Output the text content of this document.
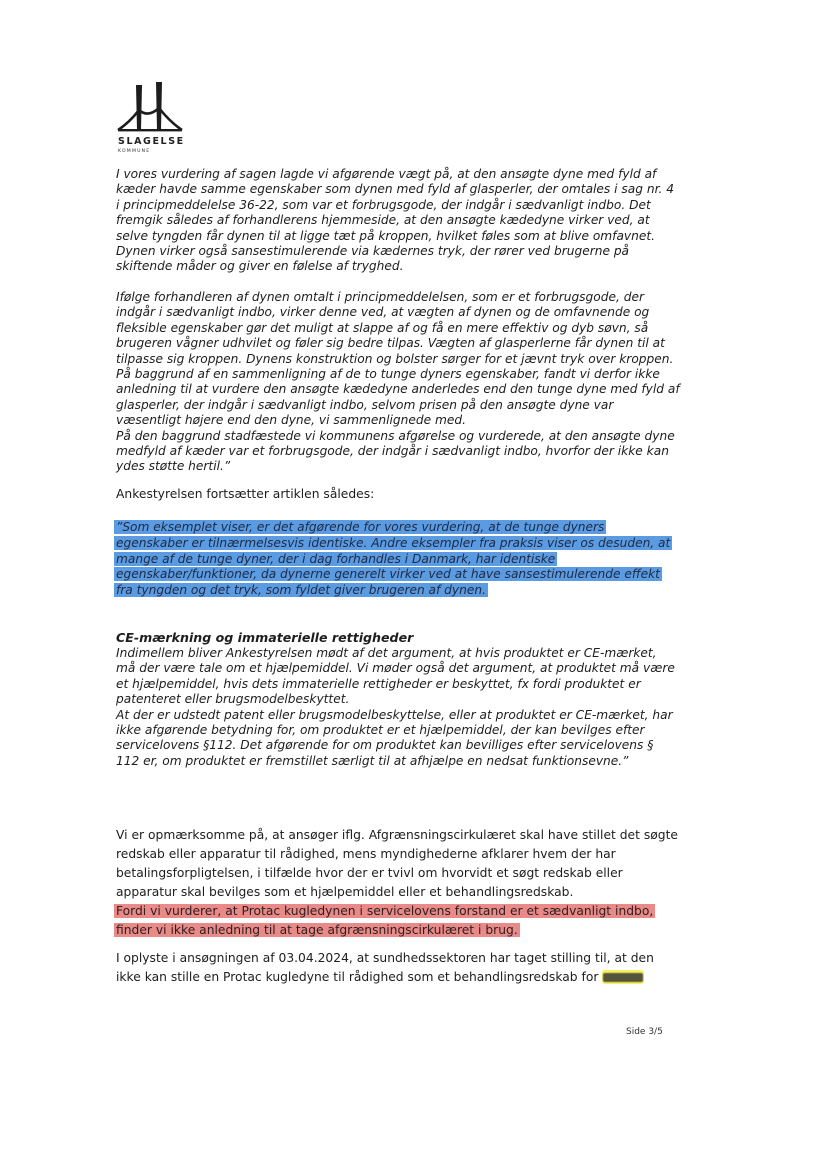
SLAGELSE
KOMMUNE
I vores vurdering af sagen lagde vi afgørende vægt på, at den ansøgte dyne med fyld af
kæder havde samme egenskaber som dynen med fyld af glasperler, der omtales i sag nr. 4
i principmeddelelse 36-22, som var et forbrugsgode, der indgår i sædvanligt indbo. Det
fremgik således af forhandlerens hjemmeside, at den ansøgte kædedyne virker ved, at
selve tyngden får dynen til at ligge tæt på kroppen, hvilket føles som at blive omfavnet.
Dynen virker også sansestimulerende via kædernes tryk, der rører ved brugerne på
skiftende måder og giver en følelse af tryghed.
Ifølge forhandleren af dynen omtalt i principmeddelelsen, som er et forbrugsgode, der
indgår i sædvanligt indbo, virker denne ved, at vægten af dynen og de omfavnende og
fleksible egenskaber gør det muligt at slappe af og få en mere effektiv og dyb søvn, så
brugeren vågner udhvilet og føler sig bedre tilpas. Vægten af glasperlerne får dynen til at
tilpasse sig kroppen. Dynens konstruktion og bolster sørger for et jævnt tryk over kroppen.
På baggrund af en sammenligning af de to tunge dyners egenskaber, fandt vi derfor ikke
anledning til at vurdere den ansøgte kædedyne anderledes end den tunge dyne med fyld af
glasperler, der indgår i sædvanligt indbo, selvom prisen på den ansøgte dyne var
væsentligt højere end den dyne, vi sammenlignede med.
På den baggrund stadfæstede vi kommunens afgørelse og vurderede, at den ansøgte dyne
medfyld af kæder var et forbrugsgode, der indgår i sædvanligt indbo, hvorfor der ikke kan
ydes støtte hertil.”
Ankestyrelsen fortsætter artiklen således:
”Som eksemplet viser, er det afgørende for vores vurdering, at de tunge dyners
egenskaber er tilnærmelsesvis identiske. Andre eksempler fra praksis viser os desuden, at
mange af de tunge dyner, der i dag forhandles i Danmark, har identiske
egenskaber/funktioner, da dynerne generelt virker ved at have sansestimulerende effekt
fra tyngden og det tryk, som fyldet giver brugeren af dynen.
CE-mærkning og immaterielle rettigheder
Indimellem bliver Ankestyrelsen mødt af det argument, at hvis produktet er CE-mærket,
må der være tale om et hjælpemiddel. Vi møder også det argument, at produktet må være
et hjælpemiddel, hvis dets immaterielle rettigheder er beskyttet, fx fordi produktet er
patenteret eller brugsmodelbeskyttet.
At der er udstedt patent eller brugsmodelbeskyttelse, eller at produktet er CE-mærket, har
ikke afgørende betydning for, om produktet er et hjælpemiddel, der kan bevilges efter
servicelovens §112. Det afgørende for om produktet kan bevilliges efter servicelovens §
112 er, om produktet er fremstillet særligt til at afhjælpe en nedsat funktionsevne.”
Vi er opmærksomme på, at ansøger iflg. Afgrænsningscirkulæret skal have stillet det søgte
redskab eller apparatur til rådighed, mens myndighederne afklarer hvem der har
betalingsforpligtelsen, i tilfælde hvor der er tvivl om hvorvidt et søgt redskab eller
apparatur skal bevilges som et hjælpemiddel eller et behandlingsredskab.
Fordi vi vurderer, at Protac kugledynen i servicelovens forstand er et sædvanligt indbo,
finder vi ikke anledning til at tage afgrænsningscirkulæret i brug.
I oplyste i ansøgningen af 03.04.2024, at sundhedssektoren har taget stilling til, at den
ikke kan stille en Protac kugledyne til rådighed som et behandlingsredskab for
Side 3/5
